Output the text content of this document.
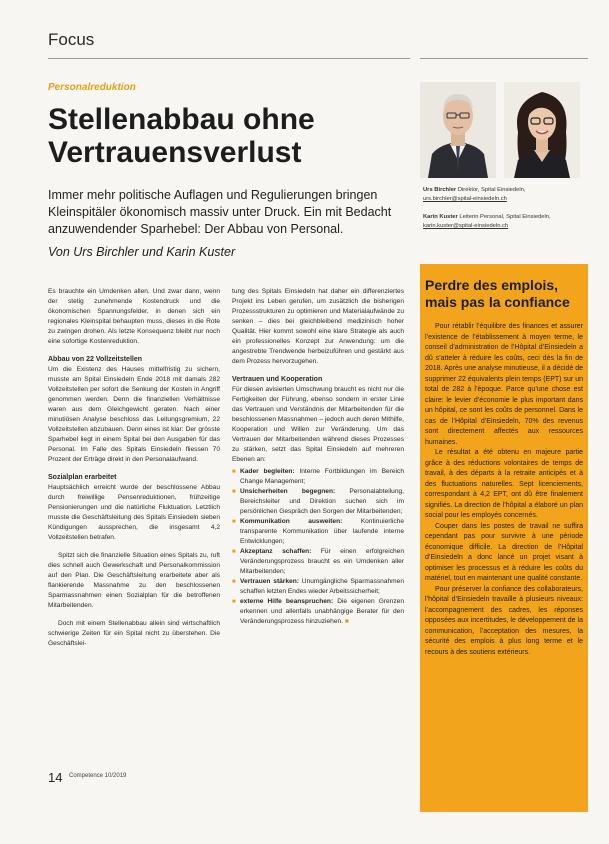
Focus
Personalreduktion
Stellenabbau ohne Vertrauensverlust
Immer mehr politische Auflagen und Regulierungen bringen Kleinspitäler ökonomisch massiv unter Druck. Ein mit Bedacht anzuwendender Sparhebel: Der Abbau von Personal.
Von Urs Birchler und Karin Kuster
Urs Birchler Direktor, Spital Einsiedeln,
urs.birchler@spital-einsiedeln.ch
Karin Kuster Leiterin Personal, Spital Einsiedeln,
karin.kuster@spital-einsiedeln.ch

Es brauchte ein Umdenken allen. Und zwar dann, wenn der stetig zunehmende Kostendruck und die ökonomischen Spannungsfelder, in denen sich ein regionales Kleinspital behaupten muss, dieses in die Rote zu zwingen drohen. Als letzte Konsequenz bleibt nur noch eine sofortige Kostenreduktion.

Abbau von 22 Vollzeitstellen

Um die Existenz des Hauses mittelfristig zu sichern, musste am Spital Einsiedeln Ende 2018 mit damals 282 Vollzeitstellen per sofort die Senkung der Kosten in Angriff genommen werden. Denn die finanziellen Verhältnisse waren aus dem Gleichgewicht geraten. Nach einer minutiösen Analyse beschloss das Leitungsgremium, 22 Vollzeitstellen abzubauen. Denn eines ist klar: Der grösste Sparhebel liegt in einem Spital bei den Ausgaben für das Personal. Im Falle des Spitals Einsiedeln fliessen 70 Prozent der Erträge direkt in den Personalaufwand.

Sozialplan erarbeitet

Hauptsächlich erreicht wurde der beschlossene Abbau durch freiwillige Pensenreduktionen, frühzeitige Pensionierungen und die natürliche Fluktuation. Letztlich musste die Geschäftsleitung des Spitals Einsiedeln sieben Kündigungen aussprechen, die insgesamt 4,2 Vollzeitstellen betrafen.

Spitzt sich die finanzielle Situation eines Spitals zu, ruft dies schnell auch Gewerkschaft und Personalkommission auf den Plan. Die Geschäftsleitung erarbeitete aber als flankierende Massnahme zu den beschlossenen Sparmassnahmen einen Sozialplan für die betroffenen Mitarbeitenden.

Doch mit einem Stellenabbau allein sind wirtschaftlich schwierige Zeiten für ein Spital nicht zu überstehen. Die Geschäftslei-

tung des Spitals Einsiedeln hat daher ein differenziertes Projekt ins Leben gerufen, um zusätzlich die bisherigen Prozessstrukturen zu optimieren und Materialaufwände zu senken – dies bei gleichbleibend medizinisch hoher Qualität. Hier kommt sowohl eine klare Strategie als auch ein professionelles Konzept zur Anwendung: um die angestrebte Trendwende herbeizuführen und gestärkt aus dem Prozess hervorzugehen.

Vertrauen und Kooperation

Für diesen avisierten Umschwung braucht es nicht nur die Fertigkeiten der Führung, ebenso sondern in erster Linie das Vertrauen und Verständnis der Mitarbeitenden für die beschlossenen Massnahmen – jedoch auch deren Mithilfe, Kooperation und Willen zur Veränderung. Um das Vertrauen der Mitarbeitenden während dieses Prozesses zu stärken, setzt das Spital Einsiedeln auf mehreren Ebenen an:

■ Kader begleiten: Interne Fortbildungen im Bereich Change Management;
■ Unsicherheiten begegnen: Personalabteilung, Bereichsleiter und Direktion suchen sich im persönlichen Gespräch den Sorgen der Mitarbeitenden;
■ Kommunikation ausweiten: Kontinuierliche transparente Kommunikation über laufende interne Entwicklungen;
■ Akzeptanz schaffen: Für einen erfolgreichen Veränderungsprozess braucht es ein Umdenken aller Mitarbeitenden;
■ Vertrauen stärken: Unumgängliche Sparmassnahmen schaffen letzten Endes wieder Arbeitssicherheit;
■ externe Hilfe beanspruchen: Die eigenen Grenzen erkennen und allenfalls unabhängige Berater für den Veränderungsprozess hinzuziehen. ■
Perdre des emplois, mais pas la confiance

Pour rétablir l’équilibre des finances et assurer l’existence de l’établissement à moyen terme, le conseil d’administration de l’Hôpital d’Einsiedeln a dû s’atteler à réduire les coûts, ceci dès la fin de 2018. Après une analyse minutieuse, il a décidé de supprimer 22 équivalents plein temps (EPT) sur un total de 282 à l’époque. Parce qu’une chose est claire: le levier d’économie le plus important dans un hôpital, ce sont les coûts de personnel. Dans le cas de l’Hôpital d’Einsiedeln, 70% des revenus sont directement affectés aux ressources humaines.

Le résultat a été obtenu en majeure partie grâce à des réductions volontaires de temps de travail, à des départs à la retraite anticipés et à des fluctuations naturelles. Sept licenciements, correspondant à 4,2 EPT, ont dû être finalement signifiés. La direction de l’hôpital a élaboré un plan social pour les employés concernés.

Couper dans les postes de travail ne suffira cependant pas pour survivre à une période économique difficile. La direction de l’Hôpital d’Einsiedeln a donc lancé un projet visant à optimiser les processus et à réduire les coûts du matériel, tout en maintenant une qualité constante.

Pour préserver la confiance des collaborateurs, l’hôpital d’Einsiedeln travaille à plusieurs niveaux: l’accompagnement des cadres, les réponses opposées aux incertitudes, le développement de la communication, l’acceptation des mesures, la sécurité des emplois à plus long terme et le recours à des soutiens extérieurs.

14 Competence 10/2019
